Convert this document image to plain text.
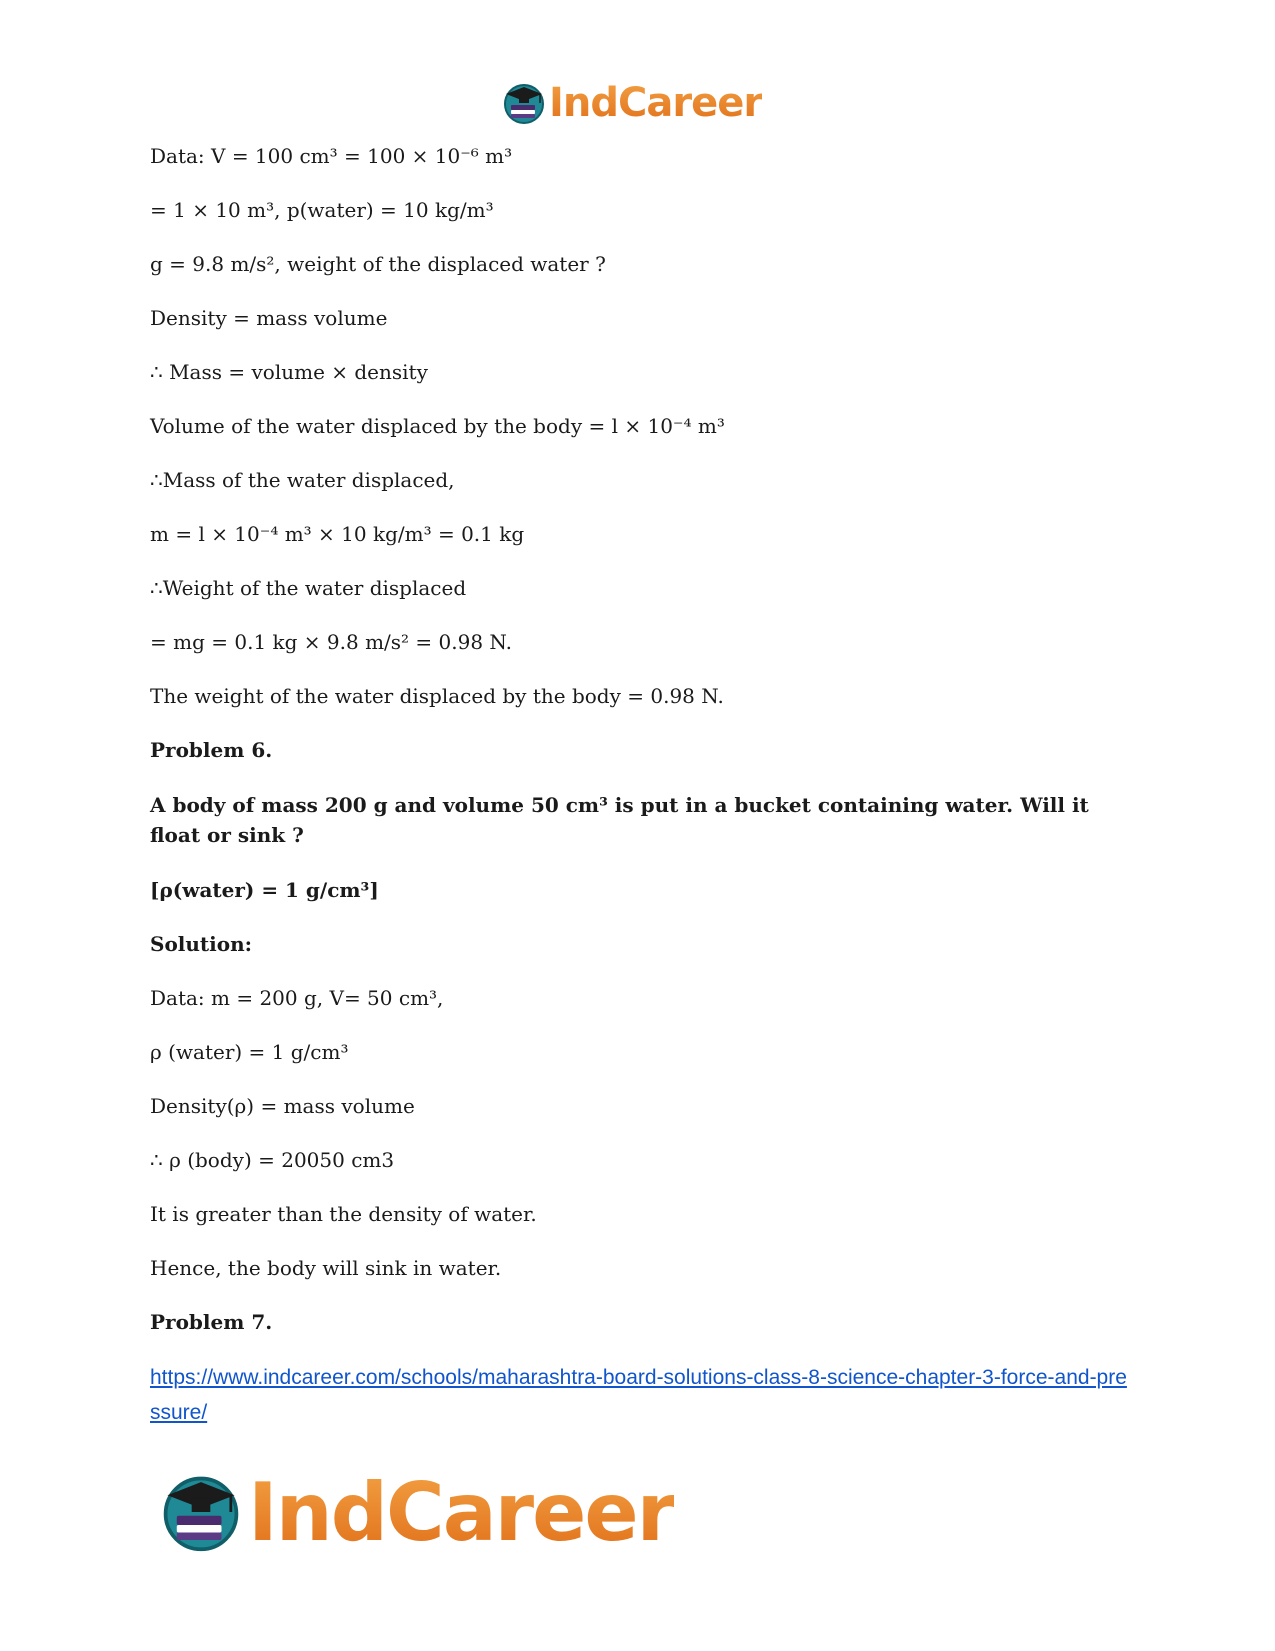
IndCareer
Data: V = 100 cm³ = 100 × 10⁻⁶ m³
= 1 × 10 m³, p(water) = 10 kg/m³
g = 9.8 m/s², weight of the displaced water ?
Density = mass volume
∴ Mass = volume × density
Volume of the water displaced by the body = l × 10⁻⁴ m³
∴Mass of the water displaced,
m = l × 10⁻⁴ m³ × 10 kg/m³ = 0.1 kg
∴Weight of the water displaced
= mg = 0.1 kg × 9.8 m/s² = 0.98 N.
The weight of the water displaced by the body = 0.98 N.
Problem 6.
A body of mass 200 g and volume 50 cm³ is put in a bucket containing water. Will it float or sink ?
[ρ(water) = 1 g/cm³]
Solution:
Data: m = 200 g, V= 50 cm³,
ρ (water) = 1 g/cm³
Density(ρ) = mass volume
∴ ρ (body) = 20050 cm3
It is greater than the density of water.
Hence, the body will sink in water.
Problem 7.
https://www.indcareer.com/schools/maharashtra-board-solutions-class-8-science-chapter-3-force-and-pressure/
IndCareer
